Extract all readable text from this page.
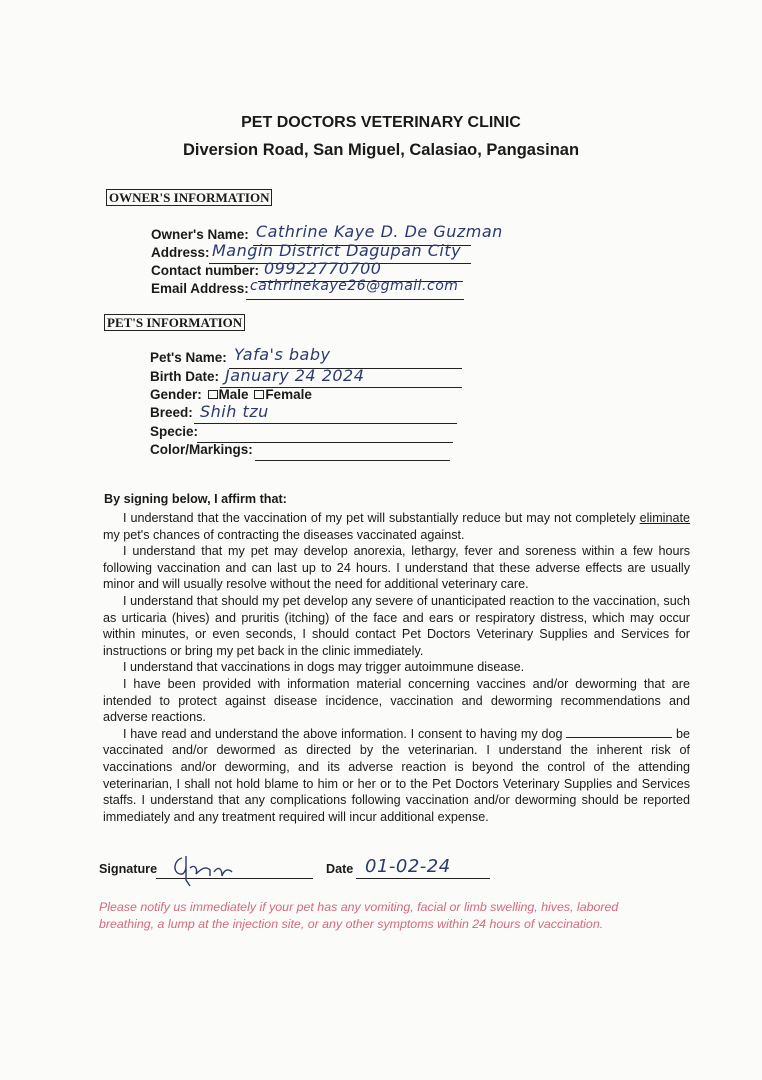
PET DOCTORS VETERINARY CLINIC
Diversion Road, San Miguel, Calasiao, Pangasinan
OWNER'S INFORMATION
Owner's Name: Cathrine Kaye D. De Guzman
Address: Mangin District Dagupan City
Contact number: 09922770700
Email Address: cathrinekaye26@gmail.com
PET'S INFORMATION
Pet's Name: Yafa's baby
Birth Date: January 24 2024
Gender: Male Female
Breed: Shih tzu
Specie:
Color/Markings:
By signing below, I affirm that:

I understand that the vaccination of my pet will substantially reduce but may not completely eliminate my pet's chances of contracting the diseases vaccinated against.

I understand that my pet may develop anorexia, lethargy, fever and soreness within a few hours following vaccination and can last up to 24 hours. I understand that these adverse effects are usually minor and will usually resolve without the need for additional veterinary care.

I understand that should my pet develop any severe of unanticipated reaction to the vaccination, such as urticaria (hives) and pruritis (itching) of the face and ears or respiratory distress, which may occur within minutes, or even seconds, I should contact Pet Doctors Veterinary Supplies and Services for instructions or bring my pet back in the clinic immediately.

I understand that vaccinations in dogs may trigger autoimmune disease.

I have been provided with information material concerning vaccines and/or deworming that are intended to protect against disease incidence, vaccination and deworming recommendations and adverse reactions.

I have read and understand the above information. I consent to having my dog	be vaccinated and/or dewormed as directed by the veterinarian. I understand the inherent risk of vaccinations and/or deworming, and its adverse reaction is beyond the control of the attending veterinarian, I shall not hold blame to him or her or to the Pet Doctors Veterinary Supplies and Services staffs. I understand that any complications following vaccination and/or deworming should be reported immediately and any treatment required will incur additional expense.

Signature	Date 01-02-24
Please notify us immediately if your pet has any vomiting, facial or limb swelling, hives, labored breathing, a lump at the injection site, or any other symptoms within 24 hours of vaccination.
